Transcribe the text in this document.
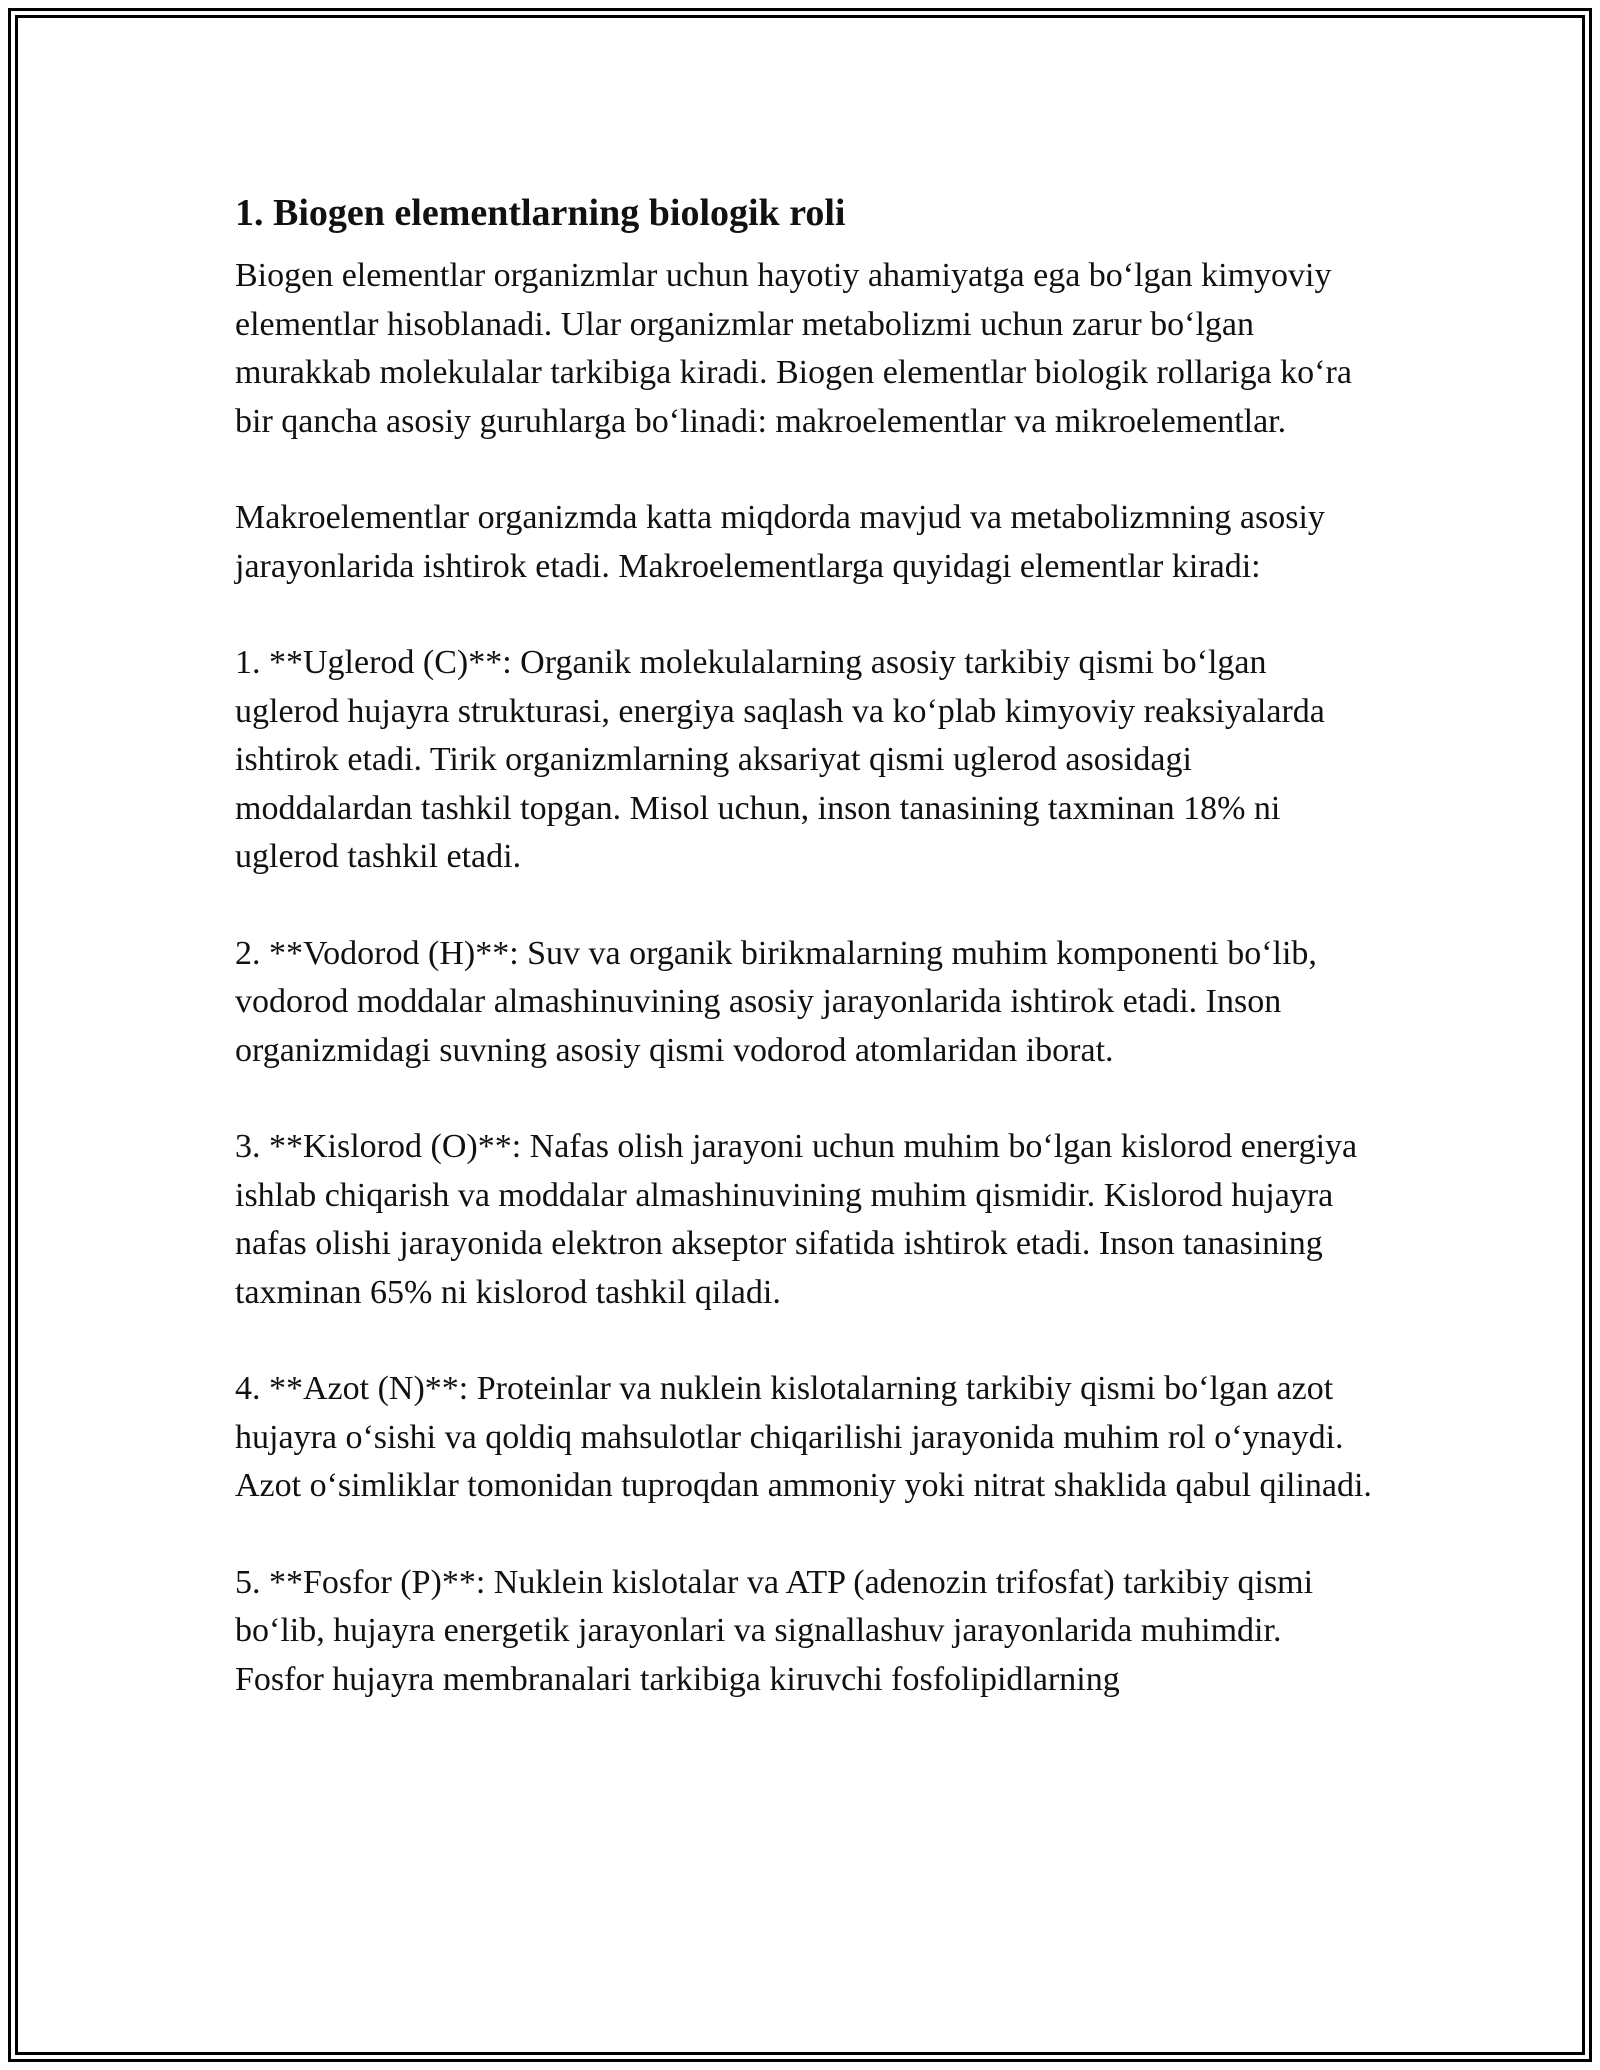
1. Biogen elementlarning biologik roli

Biogen elementlar organizmlar uchun hayotiy ahamiyatga ega bo‘lgan kimyoviy elementlar hisoblanadi. Ular organizmlar metabolizmi uchun zarur bo‘lgan murakkab molekulalar tarkibiga kiradi. Biogen elementlar biologik rollariga ko‘ra bir qancha asosiy guruhlarga bo‘linadi: makroelementlar va mikroelementlar.

Makroelementlar organizmda katta miqdorda mavjud va metabolizmning asosiy jarayonlarida ishtirok etadi. Makroelementlarga quyidagi elementlar kiradi:

1. **Uglerod (C)**: Organik molekulalarning asosiy tarkibiy qismi bo‘lgan uglerod hujayra strukturasi, energiya saqlash va ko‘plab kimyoviy reaksiyalarda ishtirok etadi. Tirik organizmlarning aksariyat qismi uglerod asosidagi moddalardan tashkil topgan. Misol uchun, inson tanasining taxminan 18% ni uglerod tashkil etadi.

2. **Vodorod (H)**: Suv va organik birikmalarning muhim komponenti bo‘lib, vodorod moddalar almashinuvining asosiy jarayonlarida ishtirok etadi. Inson organizmidagi suvning asosiy qismi vodorod atomlaridan iborat.

3. **Kislorod (O)**: Nafas olish jarayoni uchun muhim bo‘lgan kislorod energiya ishlab chiqarish va moddalar almashinuvining muhim qismidir. Kislorod hujayra nafas olishi jarayonida elektron akseptor sifatida ishtirok etadi. Inson tanasining taxminan 65% ni kislorod tashkil qiladi.

4. **Azot (N)**: Proteinlar va nuklein kislotalarning tarkibiy qismi bo‘lgan azot hujayra o‘sishi va qoldiq mahsulotlar chiqarilishi jarayonida muhim rol o‘ynaydi. Azot o‘simliklar tomonidan tuproqdan ammoniy yoki nitrat shaklida qabul qilinadi.

5. **Fosfor (P)**: Nuklein kislotalar va ATP (adenozin trifosfat) tarkibiy qismi bo‘lib, hujayra energetik jarayonlari va signallashuv jarayonlarida muhimdir. Fosfor hujayra membranalari tarkibiga kiruvchi fosfolipidlarning
